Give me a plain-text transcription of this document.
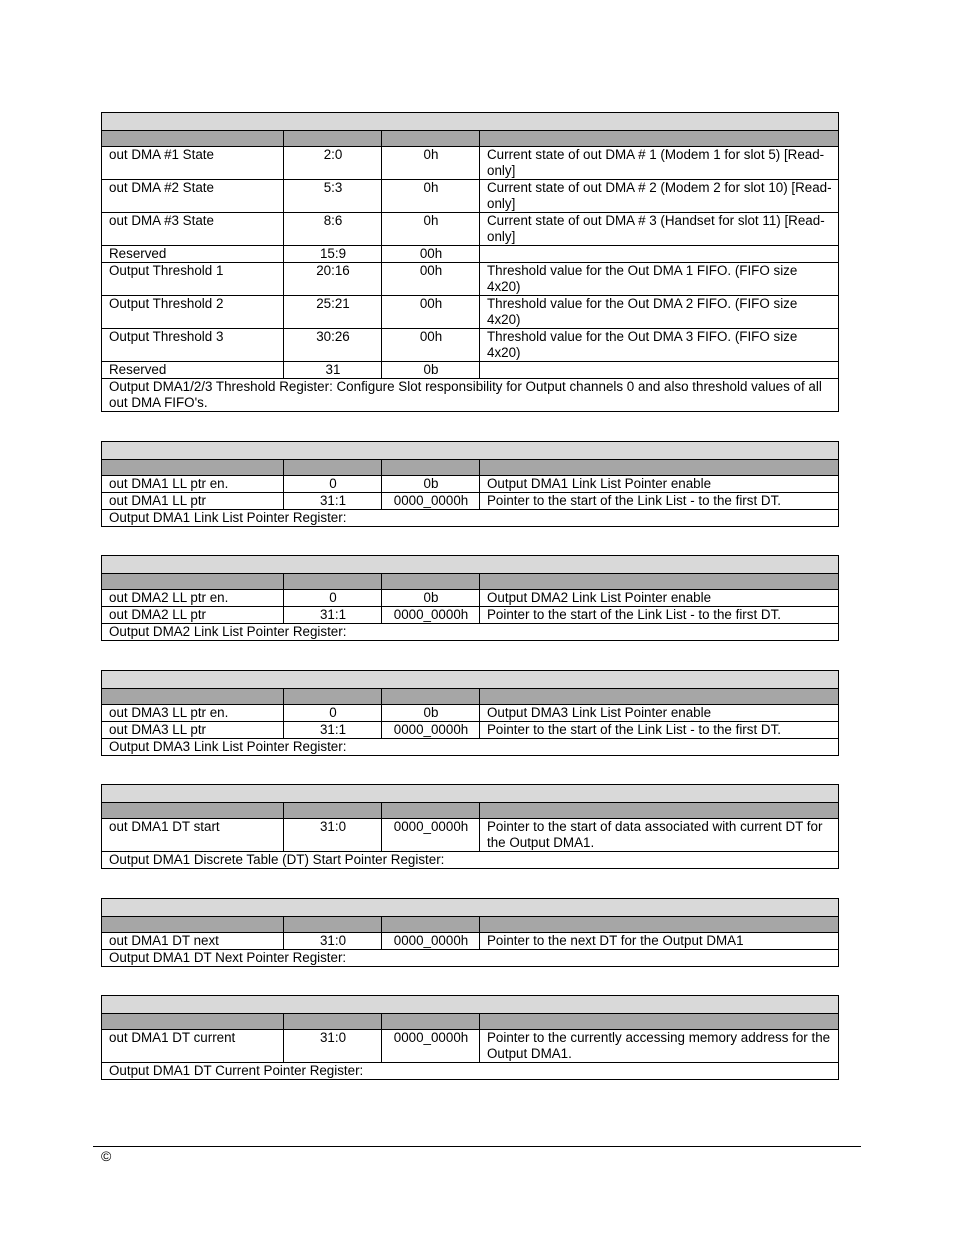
out DMA #1 State	2:0	0h	Current state of out DMA # 1 (Modem 1 for slot 5) [Read-only]
out DMA #2 State	5:3	0h	Current state of out DMA # 2 (Modem 2 for slot 10) [Read-only]
out DMA #3 State	8:6	0h	Current state of out DMA # 3 (Handset for slot 11) [Read-only]
Reserved	15:9	00h	
Output Threshold 1	20:16	00h	Threshold value for the Out DMA 1 FIFO. (FIFO size 4x20)
Output Threshold 2	25:21	00h	Threshold value for the Out DMA 2 FIFO. (FIFO size 4x20)
Output Threshold 3	30:26	00h	Threshold value for the Out DMA 3 FIFO. (FIFO size 4x20)
Reserved	31	0b	
Output DMA1/2/3 Threshold Register: Configure Slot responsibility for Output channels 0 and also threshold values of all out DMA FIFO's.			

out DMA1 LL ptr en.	0	0b	Output DMA1 Link List Pointer enable
out DMA1 LL ptr	31:1	0000_0000h	Pointer to the start of the Link List - to the first DT.
Output DMA1 Link List Pointer Register:			

out DMA2 LL ptr en.	0	0b	Output DMA2 Link List Pointer enable
out DMA2 LL ptr	31:1	0000_0000h	Pointer to the start of the Link List - to the first DT.
Output DMA2 Link List Pointer Register:			

out DMA3 LL ptr en.	0	0b	Output DMA3 Link List Pointer enable
out DMA3 LL ptr	31:1	0000_0000h	Pointer to the start of the Link List - to the first DT.
Output DMA3 Link List Pointer Register:			

out DMA1 DT start	31:0	0000_0000h	Pointer to the start of data associated with current DT for the Output DMA1.
Output DMA1 Discrete Table (DT) Start Pointer Register:			

out DMA1 DT next	31:0	0000_0000h	Pointer to the next DT for the Output DMA1
Output DMA1 DT Next Pointer Register:			

out DMA1 DT current	31:0	0000_0000h	Pointer to the currently accessing memory address for the Output DMA1.
Output DMA1 DT Current Pointer Register:			
©
